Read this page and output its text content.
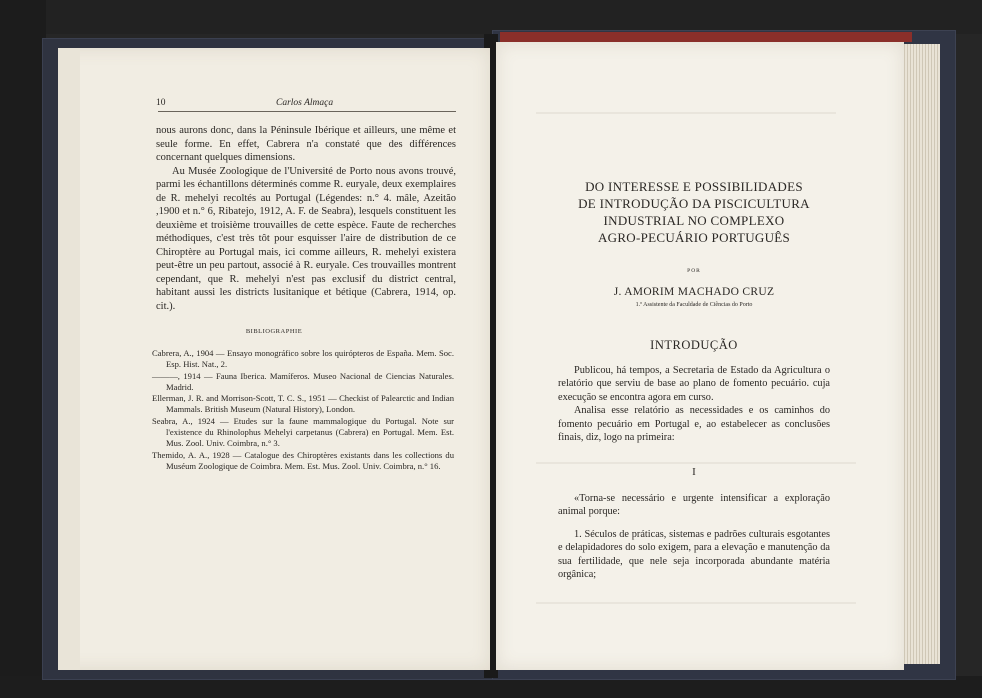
10	Carlos Almaça

nous aurons donc, dans la Péninsule Ibérique et ailleurs, une même et seule forme. En effet, Cabrera n'a constaté que des différences concernant quelques dimensions.

Au Musée Zoologique de l'Université de Porto nous avons trouvé, parmi les échantillons déterminés comme R. euryale, deux exemplaires de R. mehelyi recoltés au Portugal (Légendes: n.° 4. mâle, Azeitão ,1900 et n.° 6, Ribatejo, 1912, A. F. de Seabra), lesquels constituent les deuxième et troisième trouvailles de cette espèce. Faute de recherches méthodiques, c'est très tôt pour esquisser l'aire de distribution de ce Chiroptère au Portugal mais, ici comme ailleurs, R. mehelyi existera peut-être un peu partout, associé à R. euryale. Ces trouvailles montrent cependant, que R. mehelyi n'est pas exclusif du district central, habitant aussi les districts lusitanique et bétique (Cabrera, 1914, op. cit.).

BIBLIOGRAPHIE

Cabrera, A., 1904 — Ensayo monográfico sobre los quirópteros de España. Mem. Soc. Esp. Hist. Nat., 2.

———, 1914 — Fauna Iberica. Mamíferos. Museo Nacional de Ciencias Naturales. Madrid.

Ellerman, J. R. and Morrison-Scott, T. C. S., 1951 — Checkist of Palearctic and Indian Mammals. British Museum (Natural History), London.

Seabra, A., 1924 — Etudes sur la faune mammalogique du Portugal. Note sur l'existence du Rhinolophus Mehelyi carpetanus (Cabrera) en Portugal. Mem. Est. Mus. Zool. Univ. Coimbra, n.° 3.

Themido, A. A., 1928 — Catalogue des Chiroptères existants dans les collections du Muséum Zoologique de Coimbra. Mem. Est. Mus. Zool. Univ. Coimbra, n.° 16.

DO INTERESSE E POSSIBILIDADES
DE INTRODUÇÃO DA PISCICULTURA
INDUSTRIAL NO COMPLEXO
AGRO-PECUÁRIO PORTUGUÊS
POR
J. AMORIM MACHADO CRUZ
1.º Assistente da Faculdade de Ciências do Porto
INTRODUÇÃO

Publicou, há tempos, a Secretaria de Estado da Agricultura o relatório que serviu de base ao plano de fomento pecuário. cuja execução se encontra agora em curso.

Analisa esse relatório as necessidades e os caminhos do fomento pecuário em Portugal e, ao estabelecer as conclusões finais, diz, logo na primeira:

I

«Torna-se necessário e urgente intensificar a exploração animal porque:

1. Séculos de práticas, sistemas e padrões culturais esgotantes e delapidadores do solo exigem, para a elevação e manutenção da sua fertilidade, que nele seja incorporada abundante matéria orgânica;
